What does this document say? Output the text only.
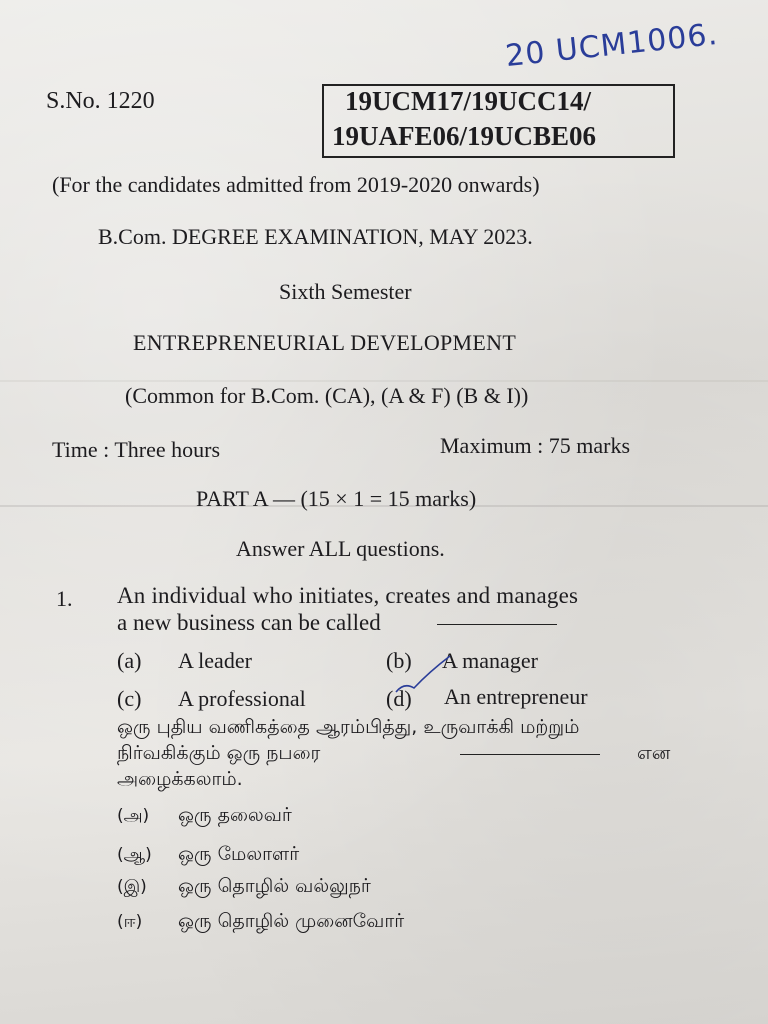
20 UCM1006.
S.No. 1220	19UCM17/19UCC14/
19UAFE06/19UCBE06
(For the candidates admitted from 2019-2020 onwards)
B.Com. DEGREE EXAMINATION, MAY 2023.
Sixth Semester
ENTREPRENEURIAL DEVELOPMENT
(Common for B.Com. (CA), (A & F) (B & I))
Time : Three hours	Maximum : 75 marks
PART A — (15 × 1 = 15 marks)
Answer ALL questions.
1. An individual who initiates, creates and manages
a new business can be called
(a) A leader	(b) A manager
(c) A professional	(d) An entrepreneur
ஒரு புதிய வணிகத்தை ஆரம்பித்து, உருவாக்கி மற்றும்
நிர்வகிக்கும் ஒரு நபரை	என
அழைக்கலாம்.
(அ) ஒரு தலைவர்
(ஆ) ஒரு மேலாளர்
(இ) ஒரு தொழில் வல்லுநர்
(ஈ) ஒரு தொழில் முனைவோர்
